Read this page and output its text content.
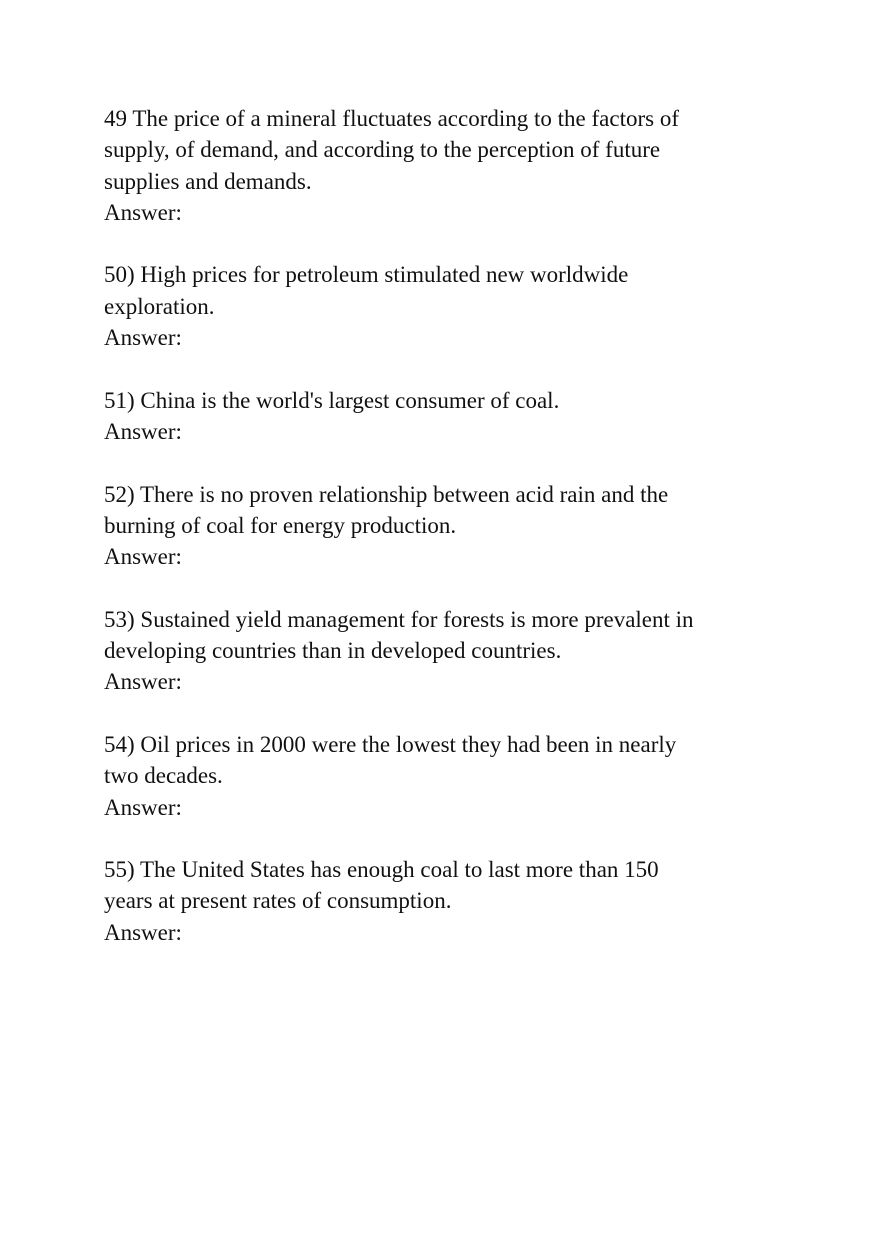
49 The price of a mineral fluctuates according to the factors of
supply, of demand, and according to the perception of future
supplies and demands.
Answer:
50) High prices for petroleum stimulated new worldwide
exploration.
Answer:
51) China is the world's largest consumer of coal.
Answer:
52) There is no proven relationship between acid rain and the
burning of coal for energy production.
Answer:
53) Sustained yield management for forests is more prevalent in
developing countries than in developed countries.
Answer:
54) Oil prices in 2000 were the lowest they had been in nearly
two decades.
Answer:
55) The United States has enough coal to last more than 150
years at present rates of consumption.
Answer:
